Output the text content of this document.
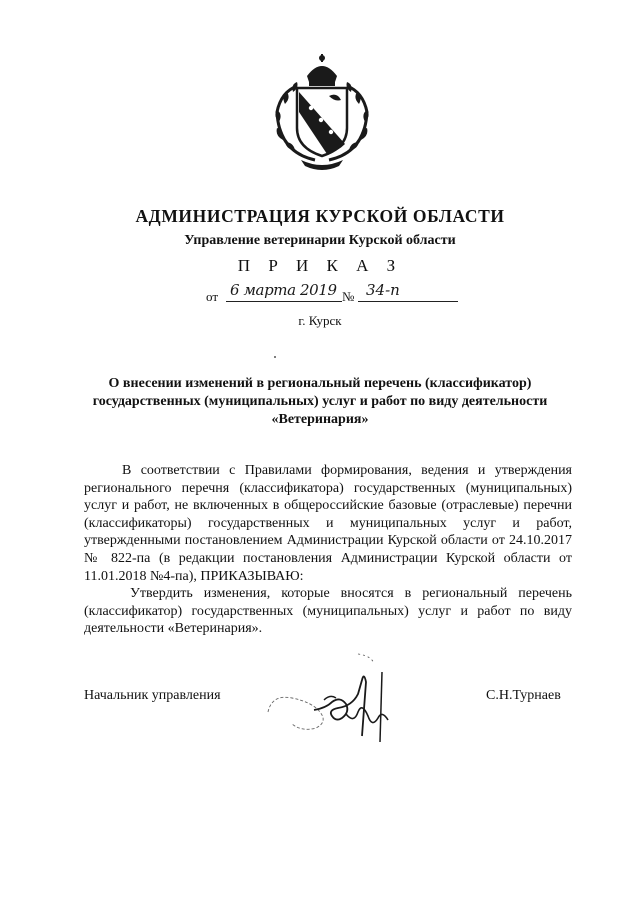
АДМИНИСТРАЦИЯ КУРСКОЙ ОБЛАСТИ
Управление ветеринарии Курской области
П Р И К А З
от 6 марта 2019 № 34-п
г. Курск
О внесении изменений в региональный перечень (классификатор) государственных (муниципальных) услуг и работ по виду деятельности «Ветеринария»

В соответствии с Правилами формирования, ведения и утверждения регионального перечня (классификатора) государственных (муниципальных) услуг и работ, не включенных в общероссийские базовые (отраслевые) перечни (классификаторы) государственных и муниципальных услуг и работ, утвержденными постановлением Администрации Курской области от 24.10.2017 № 822-па (в редакции постановления Администрации Курской области от 11.01.2018 №4-па), ПРИКАЗЫВАЮ:

Утвердить изменения, которые вносятся в региональный перечень (классификатор) государственных (муниципальных) услуг и работ по виду деятельности «Ветеринария».

Начальник управления	С.Н.Турнаев
